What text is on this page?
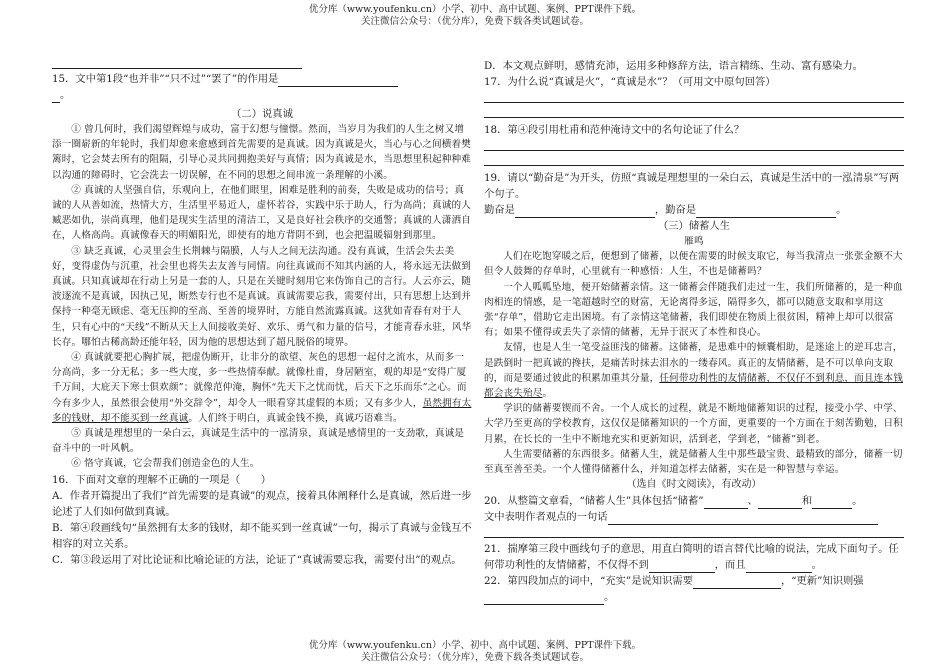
优分库（www.youfenku.cn）小学、初中、高中试题、案例、PPT课件下载。
关注微信公众号：（优分库），免费下载各类试题试卷。

15．文中第1段“也并非”“只不过”“罢了”的作用是

。

（二）说真诚

① 曾几何时，我们渴望辉煌与成功，富于幻想与憧憬。然而，当岁月为我们的人生之树又增添一圈崭新的年轮时，我们却愈来愈感到首先需要的是真诚。因为真诚是火，当心与心之间横着樊篱时，它会焚去所有的阻隔，引导心灵共同拥抱美好与真情；因为真诚是水，当思想里积起种种难以沟通的障碍时，它会洗去一切误解，在不同的思想之间串流一条理解的小溪。

② 真诚的人坚强自信，乐观向上，在他们眼里，困难是胜利的前奏，失败是成功的信号；真诚的人从善如流，热情大方，生活里平易近人，虚怀若谷，实践中乐于助人，行为高尚；真诚的人臧恶如仇，崇尚真理，他们是现实生活里的清洁工，又是良好社会秩序的交通警；真诚的人潇洒自在，人格高尚。真诚像春天的明媚阳光，即使有的地方背阴不到，也会把温暖辐射到那里。

③ 缺乏真诚，心灵里会生长荆棘与隔膜，人与人之间无法沟通。没有真诚，生活会失去美好，变得虚伪与沉重，社会里也将失去友善与同情。向往真诚而不知其内涵的人，将永远无法做到真诚。只知真诚却在行动上另是一套的人，只是在关键时刻用它来伪饰自己的言行。人云亦云，随波逐流不是真诚，因执己见，断然专行也不是真诚。真诚需要忘我，需要付出，只有思想上达到并保持一种毫无顾虑、毫无压抑的至高、至善的境界时，方能自然流露真诚。这犹如青春有对于人生，只有心中的“天线”不断从天上人间接收美好、欢乐、勇气和力量的信号，才能青春永驻，风华长存。哪怕古稀高龄还能年轻，因为他的思想达到了超凡脱俗的境界。

④ 真诚就要把心胸扩展，把虚伪断开，让非分的欲望、灰色的思想一起付之流水，从而多一分高尚，多一分无私；多一些大度，多一些热情奉献。就像杜甫，身居陋室，观的却是“安得广厦千万间，大庇天下寒士俱欢颜”；就像范仲淹，胸怀“先天下之忧而忧，后天下之乐而乐”之心。而今有多少人，虽然很会使用“外交辞令”，却令人一眼看穿其虚假的本质；又有多少人，虽然拥有太多的钱财，却不能买到一丝真诚。人们终于明白，真诚金钱不换，真诚巧语难当。

⑤ 真诚是理想里的一朵白云，真诚是生活中的一泓清泉，真诚是感情里的一支劲歌，真诚是奋斗中的一叶风帆。

⑥ 恪守真诚，它会帮我们创造金色的人生。

16．下面对文章的理解不正确的一项是（　　）

A．作者开篇提出了我们“首先需要的是真诚”的观点，接着具体阐释什么是真诚，然后进一步论述了人们如何做到真诚。

B．第④段画线句“虽然拥有太多的钱财，却不能买到一丝真诚”一句，揭示了真诚与金钱互不相容的对立关系。

C．第③段运用了对比论证和比喻论证的方法，论证了“真诚需要忘我，需要付出”的观点。

D．本文观点鲜明，感情充沛，运用多种修辞方法，语言精练、生动、富有感染力。

17．为什么说“真诚是火”，“真诚是水”？（可用文中原句回答）

18．第④段引用杜甫和范仲淹诗文中的名句论证了什么？

19．请以“勤奋是”为开头，仿照“真诚是理想里的一朵白云，真诚是生活中的一泓清泉”写两个句子。

勤奋是	，勤奋是	。

（三）储蓄人生

雁鸣

人们在吃饱穿暖之后，便想到了储蓄，以便在需要的时候支取它，每当我清点一张张金额不大但令人鼓舞的存单时，心里就有一种感悟：人生，不也是储蓄吗？

一个人呱呱坠地，便开始储蓄亲情。这一储蓄会伴随我们走过一生，我们所储蓄的，是一种血肉相连的情感，是一笔超越时空的财富，无论离得多远，隔得多久，都可以随意支取和享用这张“存单”，借助它走出困境。有了亲情这笔储蓄，我们即使在物质上很贫困，精神上却可以很富有；如果不懂得或丢失了亲情的储蓄，无异于泯灭了本性和良心。

友情，也是人生一笔受益匪浅的储蓄。这储蓄，是患难中的倾囊相助，是迷途上的逆耳忠言，是跌倒时一把真诚的搀扶，是痛苦时抹去泪水的一缕春风。真正的友情储蓄，是不可以单向支取的，而是要通过彼此的积累加重其分量，任何带功利性的友情储蓄，不仅仔不到利息，而且连本钱都会丧失殆尽。

学识的储蓄要锲而不舍。一个人成长的过程，就是不断地储蓄知识的过程，接受小学、中学、大学乃至更高的学校教育，这仅仅是储蓄知识的一个方面，更重要的一个方面在于刻苦勤勉，日积月累，在长长的一生中不断地充实和更新知识，活到老，学到老，“储蓄”到老。

人生需要储蓄的东西很多。储蓄人生，就是储蓄人生中那些最宝贵、最精致的部分，储蓄一切至真至善至美。一个人懂得储蓄什么，并知道怎样去储蓄，实在是一种智慧与幸运。

（选自《时文阅读》，有改动）

20．从整篇文章看，“储蓄人生”具体包括“储蓄”	、	和	。

文中表明作者观点的一句话

21．揣摩第三段中画线句子的意思，用直白简明的语言替代比喻的说法，完成下面句子。任何带功利性的友情储蓄，不仅得不到	，而且	。

22．第四段加点的词中，“充实”是说知识需要	，“更新”知识则强。

优分库（www.youfenku.cn）小学、初中、高中试题、案例、PPT课件下载。
关注微信公众号：（优分库），免费下载各类试题试卷。
